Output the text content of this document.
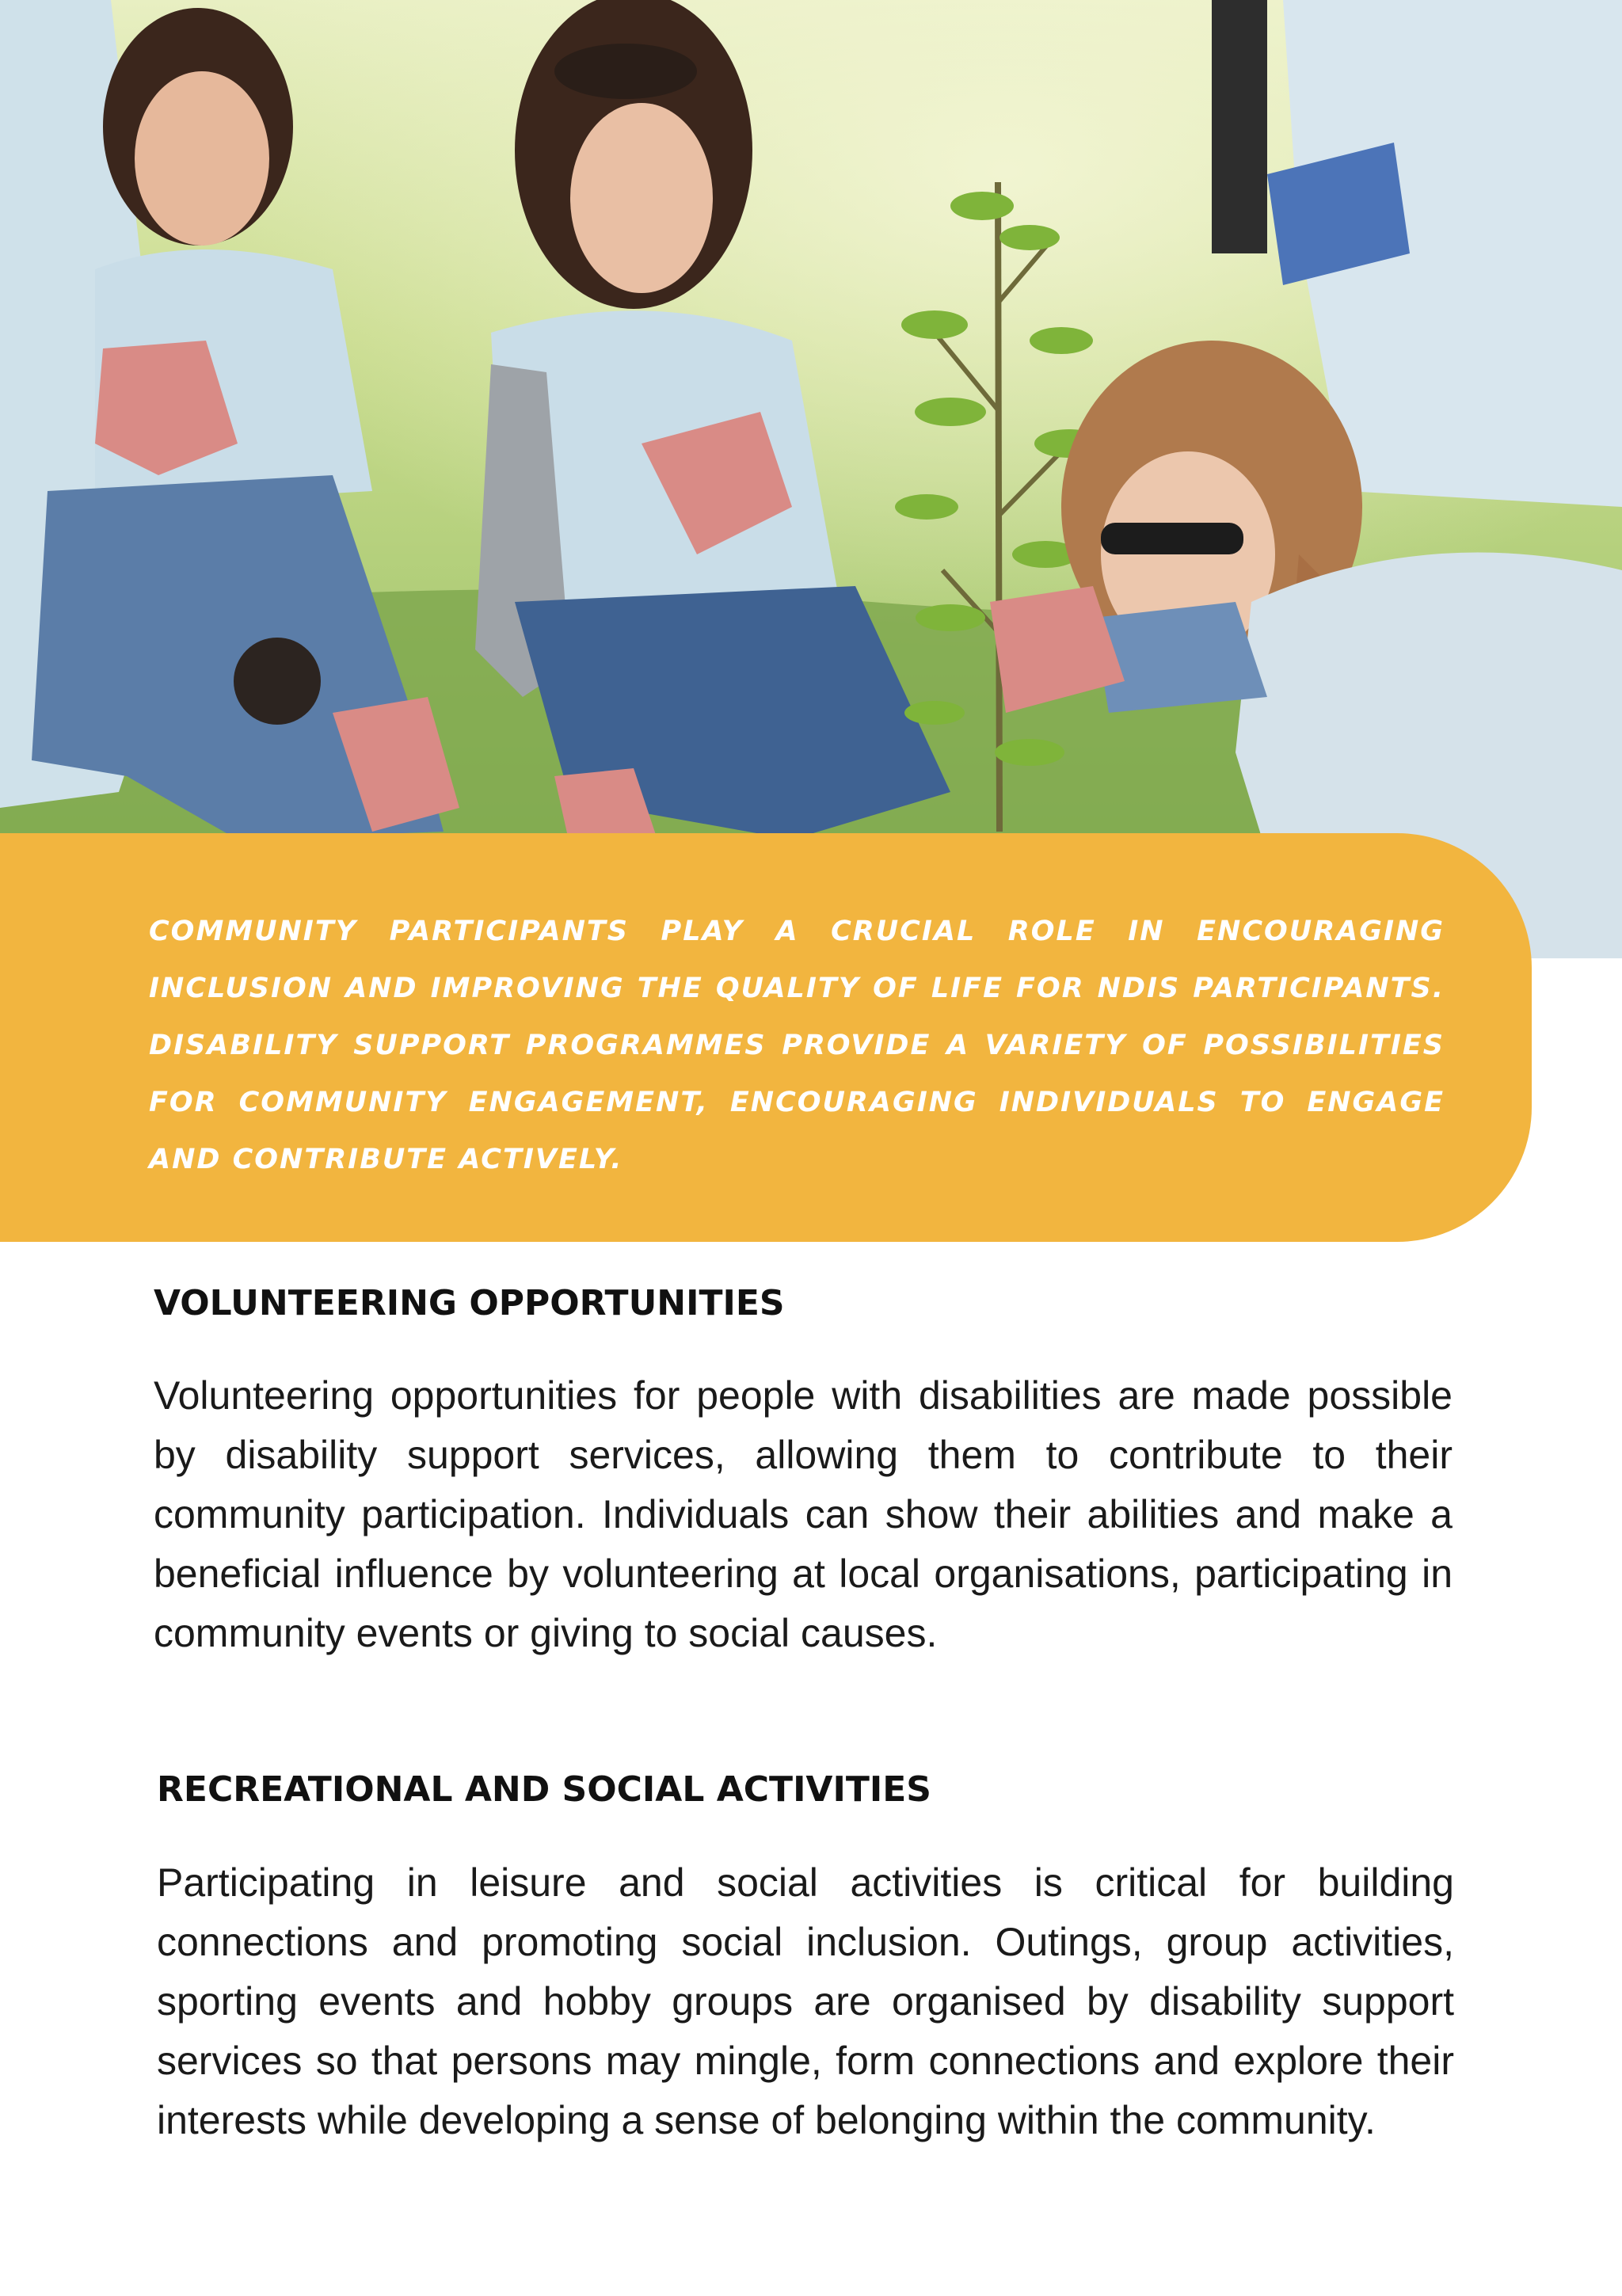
COMMUNITY PARTICIPANTS PLAY A CRUCIAL ROLE IN ENCOURAGING INCLUSION AND IMPROVING THE QUALITY OF LIFE FOR NDIS PARTICIPANTS. DISABILITY SUPPORT PROGRAMMES PROVIDE A VARIETY OF POSSIBILITIES FOR COMMUNITY ENGAGEMENT, ENCOURAGING INDIVIDUALS TO ENGAGE AND CONTRIBUTE ACTIVELY.

VOLUNTEERING OPPORTUNITIES

Volunteering opportunities for people with disabilities are made possible by disability support services, allowing them to contribute to their community participation. Individuals can show their abilities and make a beneficial influence by volunteering at local organisations, participating in community events or giving to social causes.

RECREATIONAL AND SOCIAL ACTIVITIES

Participating in leisure and social activities is critical for building connections and promoting social inclusion. Outings, group activities, sporting events and hobby groups are organised by disability support services so that persons may mingle, form connections and explore their interests while developing a sense of belonging within the community.
